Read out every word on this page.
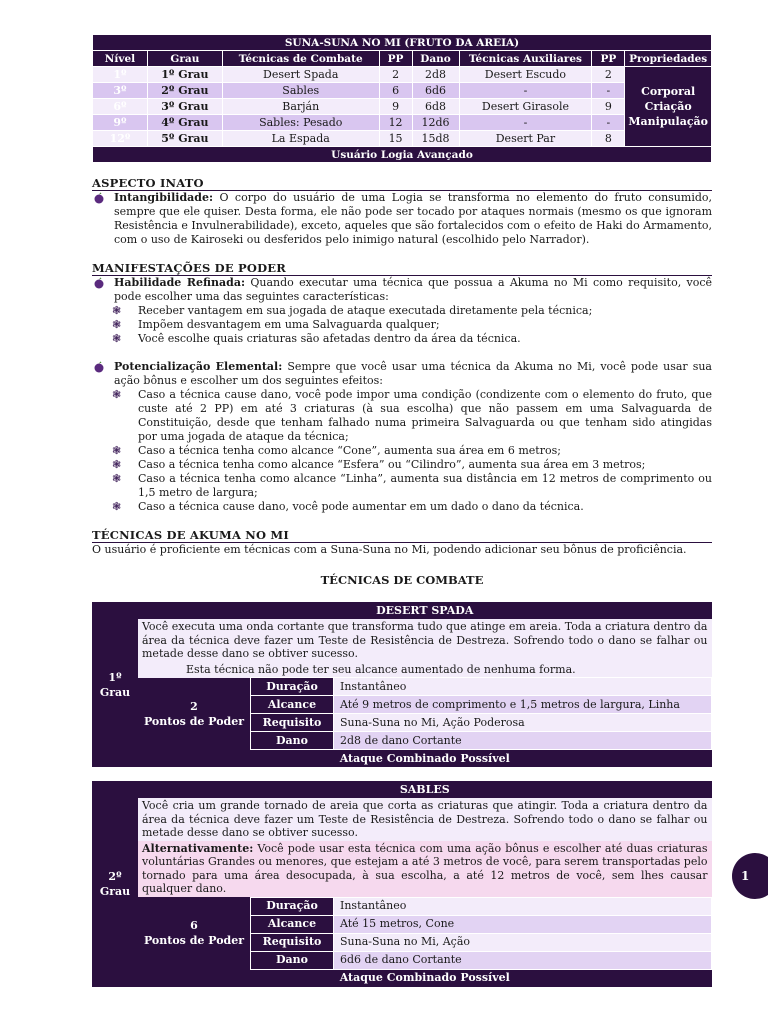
SUNA-SUNA NO MI (FRUTO DA AREIA)							
Nível	Grau	Técnicas de Combate	PP	Dano	Técnicas Auxiliares	PP	Propriedades
1º	1º Grau	Desert Spada	2	2d8	Desert Escudo	2	Corporal
Criação
Manipulação

3º	2º Grau	Sables	6	6d6	-	-	
6º	3º Grau	Barján	9	6d8	Desert Girasole	9	
9º	4º Grau	Sables: Pesado	12	12d6	-	-	
12º	5º Grau	La Espada	15	15d8	Desert Par	8	
Usuário Logia Avançado							
ASPECTO INATO
Intangibilidade: O corpo do usuário de uma Logia se transforma no elemento do fruto consumido, sempre que ele quiser. Desta forma, ele não pode ser tocado por ataques normais (mesmo os que ignoram Resistência e Invulnerabilidade), exceto, aqueles que são fortalecidos com o efeito de Haki do Armamento, com o uso de Kairoseki ou desferidos pelo inimigo natural (escolhido pelo Narrador).
MANIFESTAÇÕES DE PODER
Habilidade Refinada: Quando executar uma técnica que possua a Akuma no Mi como requisito, você pode escolher uma das seguintes características:
❃ Receber vantagem em sua jogada de ataque executada diretamente pela técnica;
❃ Impõem desvantagem em uma Salvaguarda qualquer;
❃ Você escolhe quais criaturas são afetadas dentro da área da técnica.
Potencialização Elemental: Sempre que você usar uma técnica da Akuma no Mi, você pode usar sua ação bônus e escolher um dos seguintes efeitos:
❃ Caso a técnica cause dano, você pode impor uma condição (condizente com o elemento do fruto, que custe até 2 PP) em até 3 criaturas (à sua escolha) que não passem em uma Salvaguarda de Constituição, desde que tenham falhado numa primeira Salvaguarda ou que tenham sido atingidas por uma jogada de ataque da técnica;
❃ Caso a técnica tenha como alcance “Cone”, aumenta sua área em 6 metros;
❃ Caso a técnica tenha como alcance “Esfera” ou “Cilindro”, aumenta sua área em 3 metros;
❃ Caso a técnica tenha como alcance “Linha”, aumenta sua distância em 12 metros de comprimento ou 1,5 metro de largura;
❃ Caso a técnica cause dano, você pode aumentar em um dado o dano da técnica.
TÉCNICAS DE AKUMA NO MI
O usuário é proficiente em técnicas com a Suna-Suna no Mi, podendo adicionar seu bônus de proficiência.
TÉCNICAS DE COMBATE
1º Grau	DESERT SPADA		
	Você executa uma onda cortante que transforma tudo que atinge em areia. Toda a criatura dentro da área da técnica deve fazer um Teste de Resistência de Destreza. Sofrendo todo o dano se falhar ou metade desse dano se obtiver sucesso.		
	Esta técnica não pode ter seu alcance aumentado de nenhuma forma.		

	2
Pontos de Poder	Duração	Instantâneo
		Alcance	Até 9 metros de comprimento e 1,5 metros de largura, Linha
		Requisito	Suna-Suna no Mi, Ação Poderosa
		Dano	2d8 de dano Cortante
	Ataque Combinado Possível		
2º Grau	SABLES		
	Você cria um grande tornado de areia que corta as criaturas que atingir. Toda a criatura dentro da área da técnica deve fazer um Teste de Resistência de Destreza. Sofrendo todo o dano se falhar ou metade desse dano se obtiver sucesso.		
	Alternativamente: Você pode usar esta técnica com uma ação bônus e escolher até duas criaturas voluntárias Grandes ou menores, que estejam a até 3 metros de você, para serem transportadas pelo tornado para uma área desocupada, à sua escolha, a até 12 metros de você, sem lhes causar qualquer dano.		

	6
Pontos de Poder	Duração	Instantâneo
		Alcance	Até 15 metros, Cone
		Requisito	Suna-Suna no Mi, Ação
		Dano	6d6 de dano Cortante
	Ataque Combinado Possível		
1
